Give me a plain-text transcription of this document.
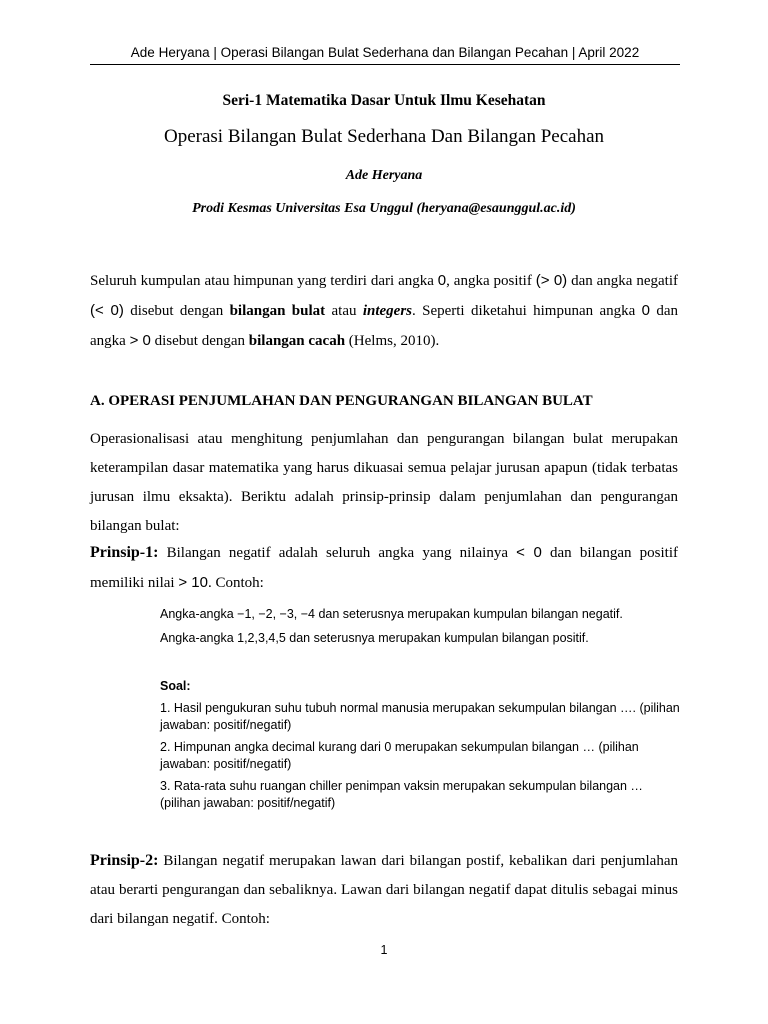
Ade Heryana | Operasi Bilangan Bulat Sederhana dan Bilangan Pecahan | April 2022
Seri-1 Matematika Dasar Untuk Ilmu Kesehatan
Operasi Bilangan Bulat Sederhana Dan Bilangan Pecahan
Ade Heryana
Prodi Kesmas Universitas Esa Unggul (heryana@esaunggul.ac.id)
Seluruh kumpulan atau himpunan yang terdiri dari angka 0, angka positif (> 0) dan angka negatif (< 0) disebut dengan bilangan bulat atau integers. Seperti diketahui himpunan angka 0 dan angka > 0 disebut dengan bilangan cacah (Helms, 2010).
A. OPERASI PENJUMLAHAN DAN PENGURANGAN BILANGAN BULAT
Operasionalisasi atau menghitung penjumlahan dan pengurangan bilangan bulat merupakan keterampilan dasar matematika yang harus dikuasai semua pelajar jurusan apapun (tidak terbatas jurusan ilmu eksakta). Beriktu adalah prinsip-prinsip dalam penjumlahan dan pengurangan bilangan bulat:
Prinsip-1: Bilangan negatif adalah seluruh angka yang nilainya < 0 dan bilangan positif memiliki nilai > 10. Contoh:
Angka-angka −1, −2, −3, −4 dan seterusnya merupakan kumpulan bilangan negatif.
Angka-angka 1,2,3,4,5 dan seterusnya merupakan kumpulan bilangan positif.
Soal:
1. Hasil pengukuran suhu tubuh normal manusia merupakan sekumpulan bilangan …. (pilihan jawaban: positif/negatif)
2. Himpunan angka decimal kurang dari 0 merupakan sekumpulan bilangan … (pilihan jawaban: positif/negatif)
3. Rata-rata suhu ruangan chiller penimpan vaksin merupakan sekumpulan bilangan … (pilihan jawaban: positif/negatif)
Prinsip-2: Bilangan negatif merupakan lawan dari bilangan postif, kebalikan dari penjumlahan atau berarti pengurangan dan sebaliknya. Lawan dari bilangan negatif dapat ditulis sebagai minus dari bilangan negatif. Contoh:
1
